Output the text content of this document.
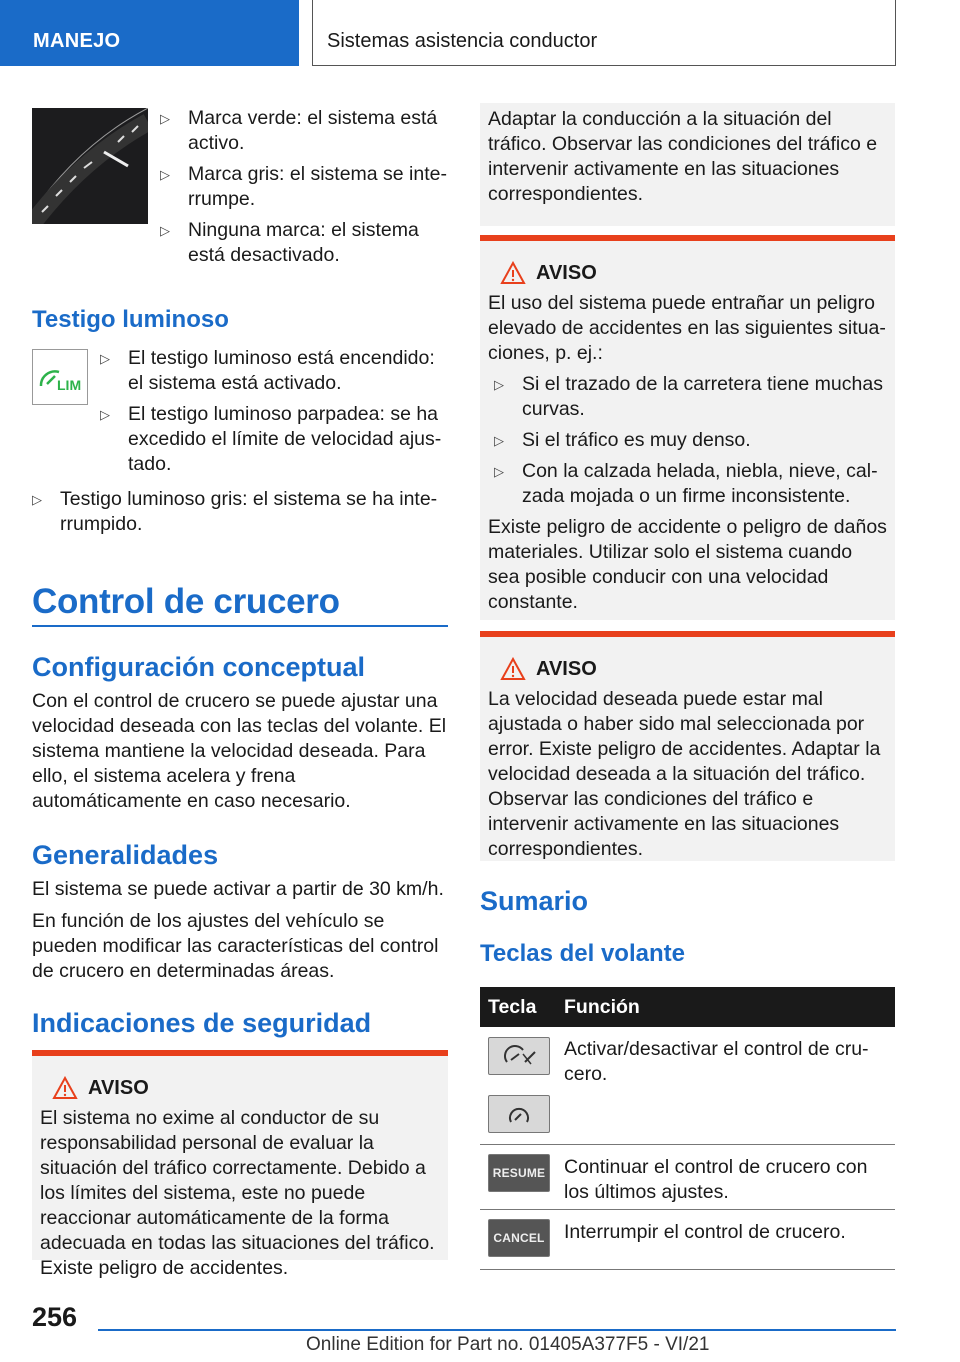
MANEJO	Sistemas asistencia conductor
▷ Marca verde: el sistema está activo.
▷ Marca gris: el sistema se interrumpe.
▷ Ninguna marca: el sistema está desactivado.
Testigo luminoso
LIM
▷ El testigo luminoso está encendido: el sistema está activado.
▷ El testigo luminoso parpadea: se ha excedido el límite de velocidad ajustado.
▷ Testigo luminoso gris: el sistema se ha interrumpido.
Control de crucero
Configuración conceptual
Con el control de crucero se puede ajustar una velocidad deseada con las teclas del volante. El sistema mantiene la velocidad deseada. Para ello, el sistema acelera y frena automáticamente en caso necesario.
Generalidades
El sistema se puede activar a partir de 30 km/h.
En función de los ajustes del vehículo se pueden modificar las características del control de crucero en determinadas áreas.
Indicaciones de seguridad
AVISO
El sistema no exime al conductor de su responsabilidad personal de evaluar la situación del tráfico correctamente. Debido a los límites del sistema, este no puede reaccionar automáticamente de la forma adecuada en todas las situaciones del tráfico. Existe peligro de accidentes.
Adaptar la conducción a la situación del tráfico. Observar las condiciones del tráfico e intervenir activamente en las situaciones correspondientes.
AVISO
El uso del sistema puede entrañar un peligro elevado de accidentes en las siguientes situaciones, p. ej.:
▷ Si el trazado de la carretera tiene muchas curvas.
▷ Si el tráfico es muy denso.
▷ Con la calzada helada, niebla, nieve, calzada mojada o un firme inconsistente.
Existe peligro de accidente o peligro de daños materiales. Utilizar solo el sistema cuando sea posible conducir con una velocidad constante.
AVISO
La velocidad deseada puede estar mal ajustada o haber sido mal seleccionada por error. Existe peligro de accidentes. Adaptar la velocidad deseada a la situación del tráfico. Observar las condiciones del tráfico e intervenir activamente en las situaciones correspondientes.
Sumario
Teclas del volante
Tecla Función
Activar/desactivar el control de crucero.
RESUME Continuar el control de crucero con los últimos ajustes.
CANCEL Interrumpir el control de crucero.
256
Online Edition for Part no. 01405A377F5 - VI/21
